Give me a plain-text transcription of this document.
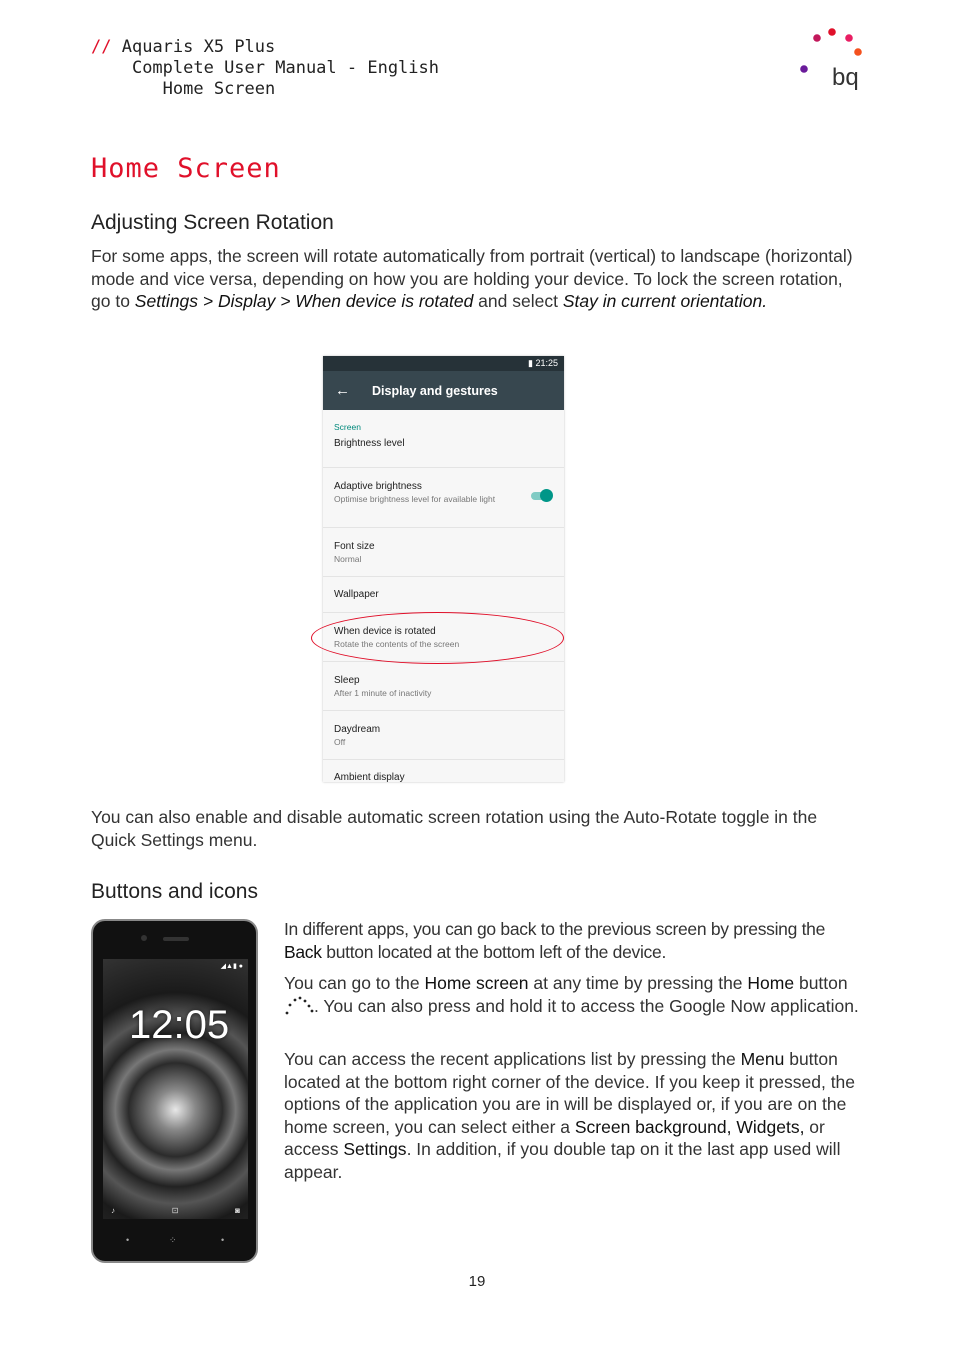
// Aquaris X5 Plus
Complete User Manual - English
Home Screen	bq
Home Screen
Adjusting Screen Rotation
For some apps, the screen will rotate automatically from portrait (vertical) to landscape (horizontal) mode and vice versa, depending on how you are holding your device. To lock the screen rotation, go to Settings > Display > When device is rotated and select Stay in current orientation.
▮ 21:25
← Display and gestures
Screen
Brightness level
Adaptive brightness
Optimise brightness level for available light
Font size
Normal
Wallpaper
When device is rotated
Rotate the contents of the screen
Sleep
After 1 minute of inactivity
Daydream
Off
Ambient display
You can also enable and disable automatic screen rotation using the Auto-Rotate toggle in the Quick Settings menu.
Buttons and icons
◢▲▮ ●
12:05
♪	⊡	◙
•	⁘	•
In different apps, you can go back to the previous screen by pressing the Back button located at the bottom left of the device.
You can go to the Home screen at any time by pressing the Home button . You can also press and hold it to access the Google Now application.
You can access the recent applications list by pressing the Menu button located at the bottom right corner of the device. If you keep it pressed, the options of the application you are in will be displayed or, if you are on the home screen, you can select either a Screen background, Widgets, or access Settings. In addition, if you double tap on it the last app used will appear.
19
